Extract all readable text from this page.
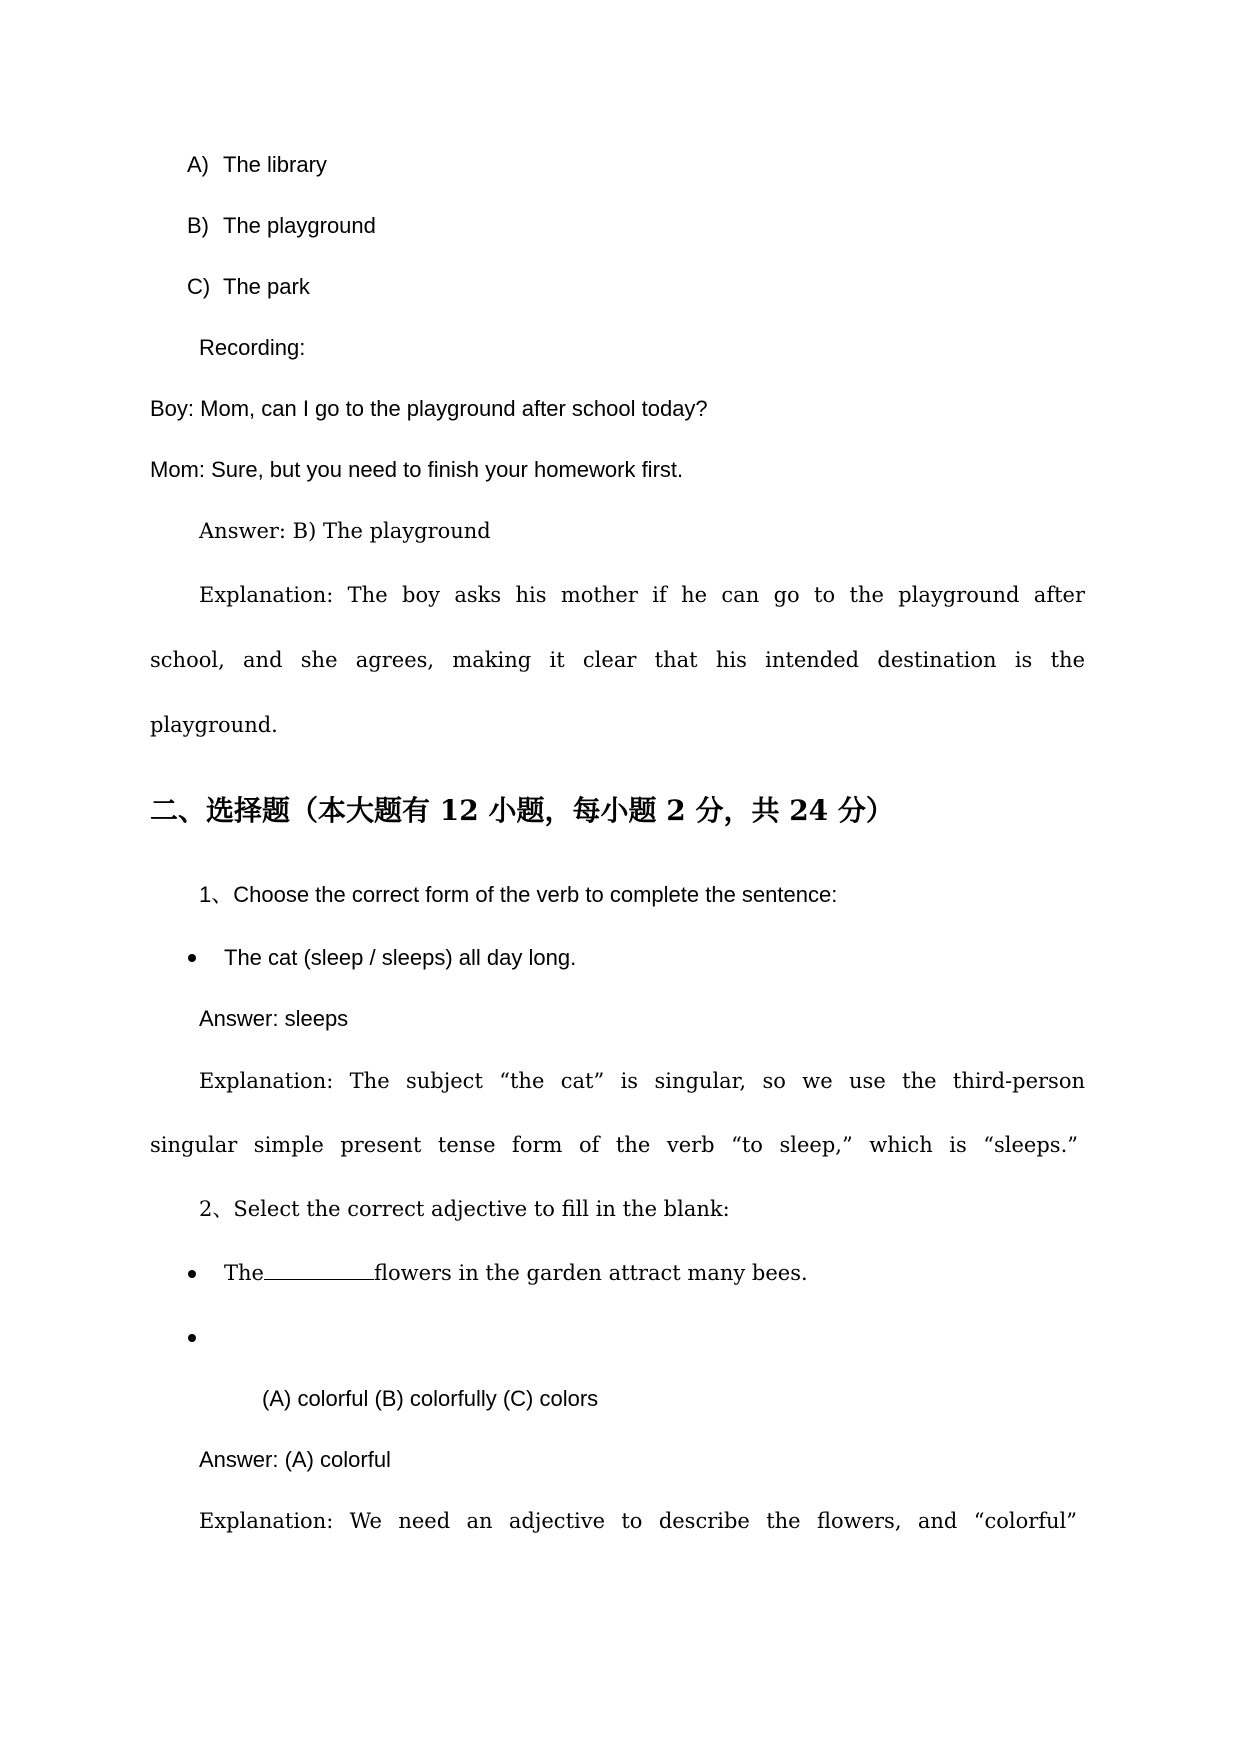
A) The library

B) The playground

C) The park

Recording:

Boy: Mom, can I go to the playground after school today?

Mom: Sure, but you need to finish your homework first.

Answer: B) The playground

Explanation: The boy asks his mother if he can go to the playground after

school, and she agrees, making it clear that his intended destination is the

playground.

二、选择题（本大题有 12 小题，每小题 2 分，共 24 分）

1、Choose the correct form of the verb to complete the sentence:

The cat (sleep / sleeps) all day long.

Answer: sleeps

Explanation: The subject “the cat” is singular, so we use the third-person

singular simple present tense form of the verb “to sleep,” which is “sleeps.”

2、Select the correct adjective to fill in the blank:

The	flowers in the garden attract many bees.

(A) colorful (B) colorfully (C) colors

Answer: (A) colorful

Explanation: We need an adjective to describe the flowers, and “colorful”
